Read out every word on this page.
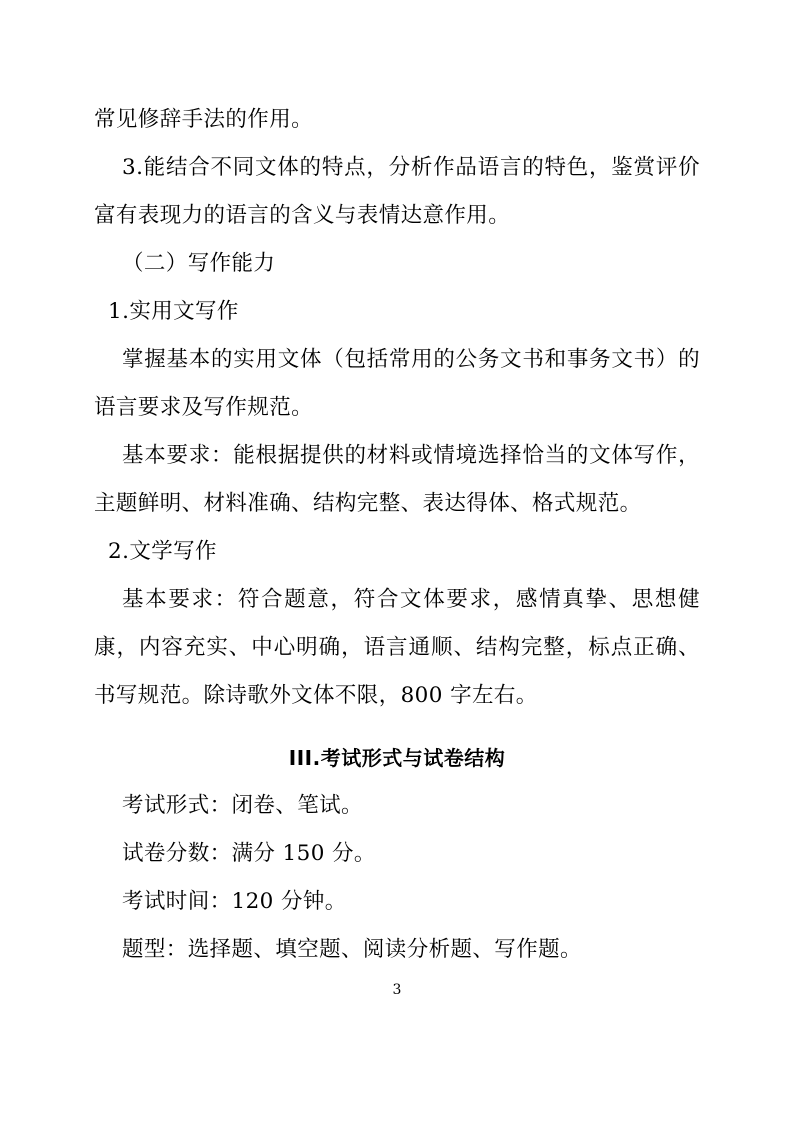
常见修辞手法的作用。

3.能结合不同文体的特点，分析作品语言的特色，鉴赏评价富有表现力的语言的含义与表情达意作用。

（二）写作能力

1.实用文写作

掌握基本的实用文体（包括常用的公务文书和事务文书）的语言要求及写作规范。

基本要求：能根据提供的材料或情境选择恰当的文体写作，主题鲜明、材料准确、结构完整、表达得体、格式规范。

2.文学写作

基本要求：符合题意，符合文体要求，感情真挚、思想健康，内容充实、中心明确，语言通顺、结构完整，标点正确、书写规范。除诗歌外文体不限，800 字左右。

III.考试形式与试卷结构

考试形式：闭卷、笔试。

试卷分数：满分 150 分。

考试时间：120 分钟。

题型：选择题、填空题、阅读分析题、写作题。

3
